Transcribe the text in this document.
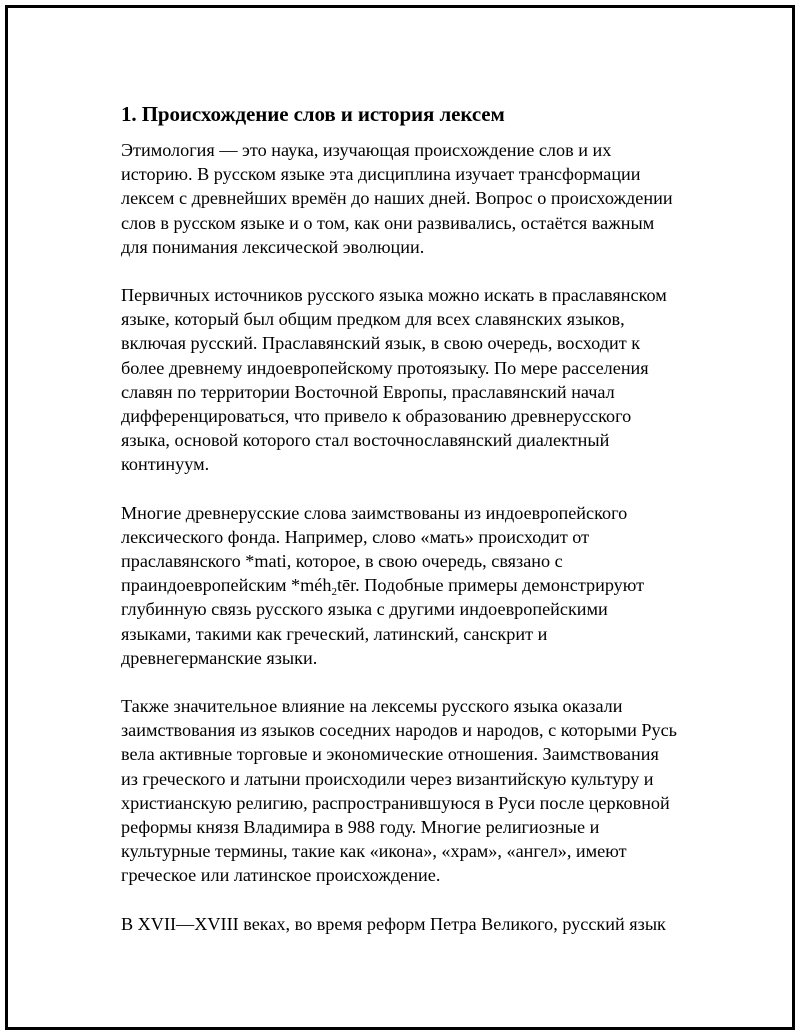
1. Происхождение слов и история лексем

Этимология — это наука, изучающая происхождение слов и их
историю. В русском языке эта дисциплина изучает трансформации
лексем с древнейших времён до наших дней. Вопрос о происхождении
слов в русском языке и о том, как они развивались, остаётся важным
для понимания лексической эволюции.

Первичных источников русского языка можно искать в праславянском
языке, который был общим предком для всех славянских языков,
включая русский. Праславянский язык, в свою очередь, восходит к
более древнему индоевропейскому протоязыку. По мере расселения
славян по территории Восточной Европы, праславянский начал
дифференцироваться, что привело к образованию древнерусского
языка, основой которого стал восточнославянский диалектный
континуум.

Многие древнерусские слова заимствованы из индоевропейского
лексического фонда. Например, слово «мать» происходит от
праславянского *mati, которое, в свою очередь, связано с
праиндоевропейским *méh$_2$tēr. Подобные примеры демонстрируют
глубинную связь русского языка с другими индоевропейскими
языками, такими как греческий, латинский, санскрит и
древнегерманские языки.

Также значительное влияние на лексемы русского языка оказали
заимствования из языков соседних народов и народов, с которыми Русь
вела активные торговые и экономические отношения. Заимствования
из греческого и латыни происходили через византийскую культуру и
христианскую религию, распространившуюся в Руси после церковной
реформы князя Владимира в 988 году. Многие религиозные и
культурные термины, такие как «икона», «храм», «ангел», имеют
греческое или латинское происхождение.

В XVII—XVIII веках, во время реформ Петра Великого, русский язык
